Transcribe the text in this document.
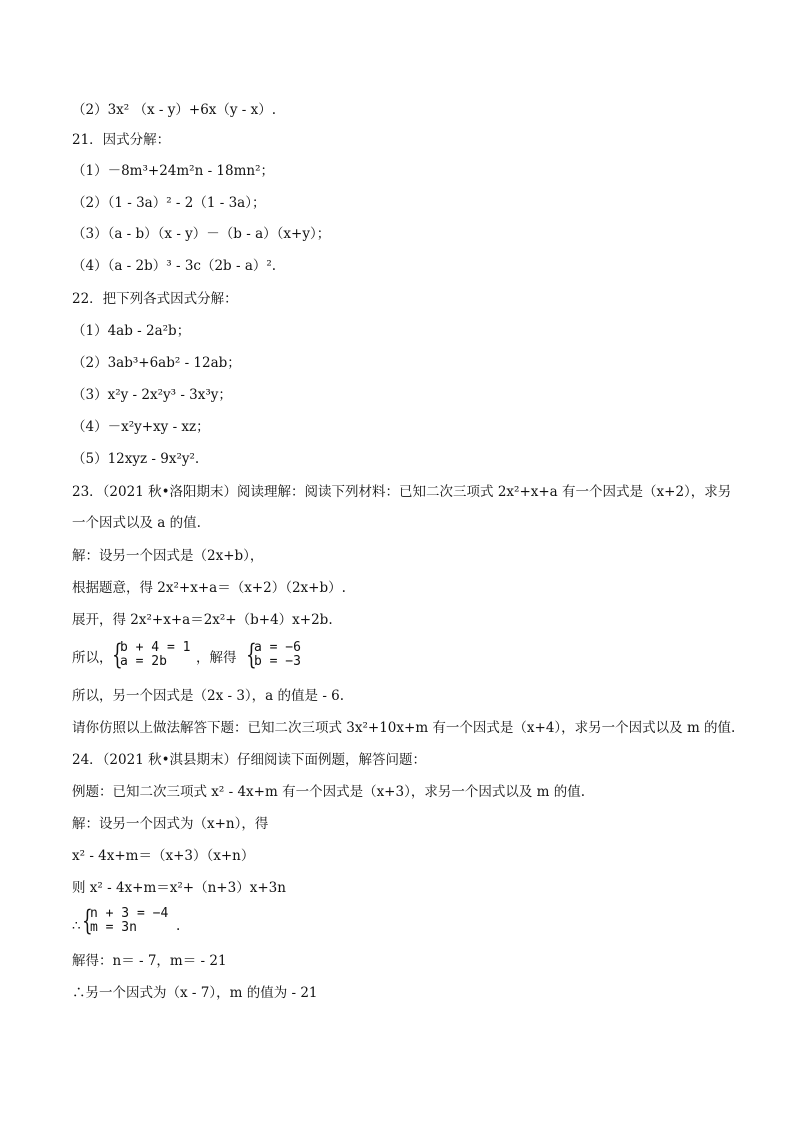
（2）3x² （x - y）+6x（y - x）.
21．因式分解：
（1）－8m³+24m²n - 18mn²；
（2）（1 - 3a）² - 2（1 - 3a）；
（3）（a - b）（x - y）－（b - a）（x+y）；
（4）（a - 2b）³ - 3c（2b - a）².
22．把下列各式因式分解：
（1）4ab - 2a²b；
（2）3ab³+6ab² - 12ab；
（3）x²y - 2x²y³ - 3x³y；
（4）－x²y+xy - xz；
（5）12xyz - 9x²y².
23．（2021 秋•洛阳期末）阅读理解：阅读下列材料：已知二次三项式 2x²+x+a 有一个因式是（x+2），求另
一个因式以及 a 的值.
解：设另一个因式是（2x+b），
根据题意，得 2x²+x+a＝（x+2）（2x+b）.
展开，得 2x²+x+a＝2x²+（b+4）x+2b.
所以， {
b + 4 = 1
a = 2b ，解得 {
a = −6
b = −3
所以，另一个因式是（2x - 3），a 的值是 - 6.
请你仿照以上做法解答下题：已知二次三项式 3x²+10x+m 有一个因式是（x+4），求另一个因式以及 m 的值.
24．（2021 秋•淇县期末）仔细阅读下面例题，解答问题：
例题：已知二次三项式 x² - 4x+m 有一个因式是（x+3），求另一个因式以及 m 的值.
解：设另一个因式为（x+n），得
x² - 4x+m＝（x+3）（x+n）
则 x² - 4x+m＝x²+（n+3）x+3n
∴ {
n + 3 = −4
m = 3n	.
解得：n＝ - 7，m＝ - 21
∴另一个因式为（x - 7），m 的值为 - 21
